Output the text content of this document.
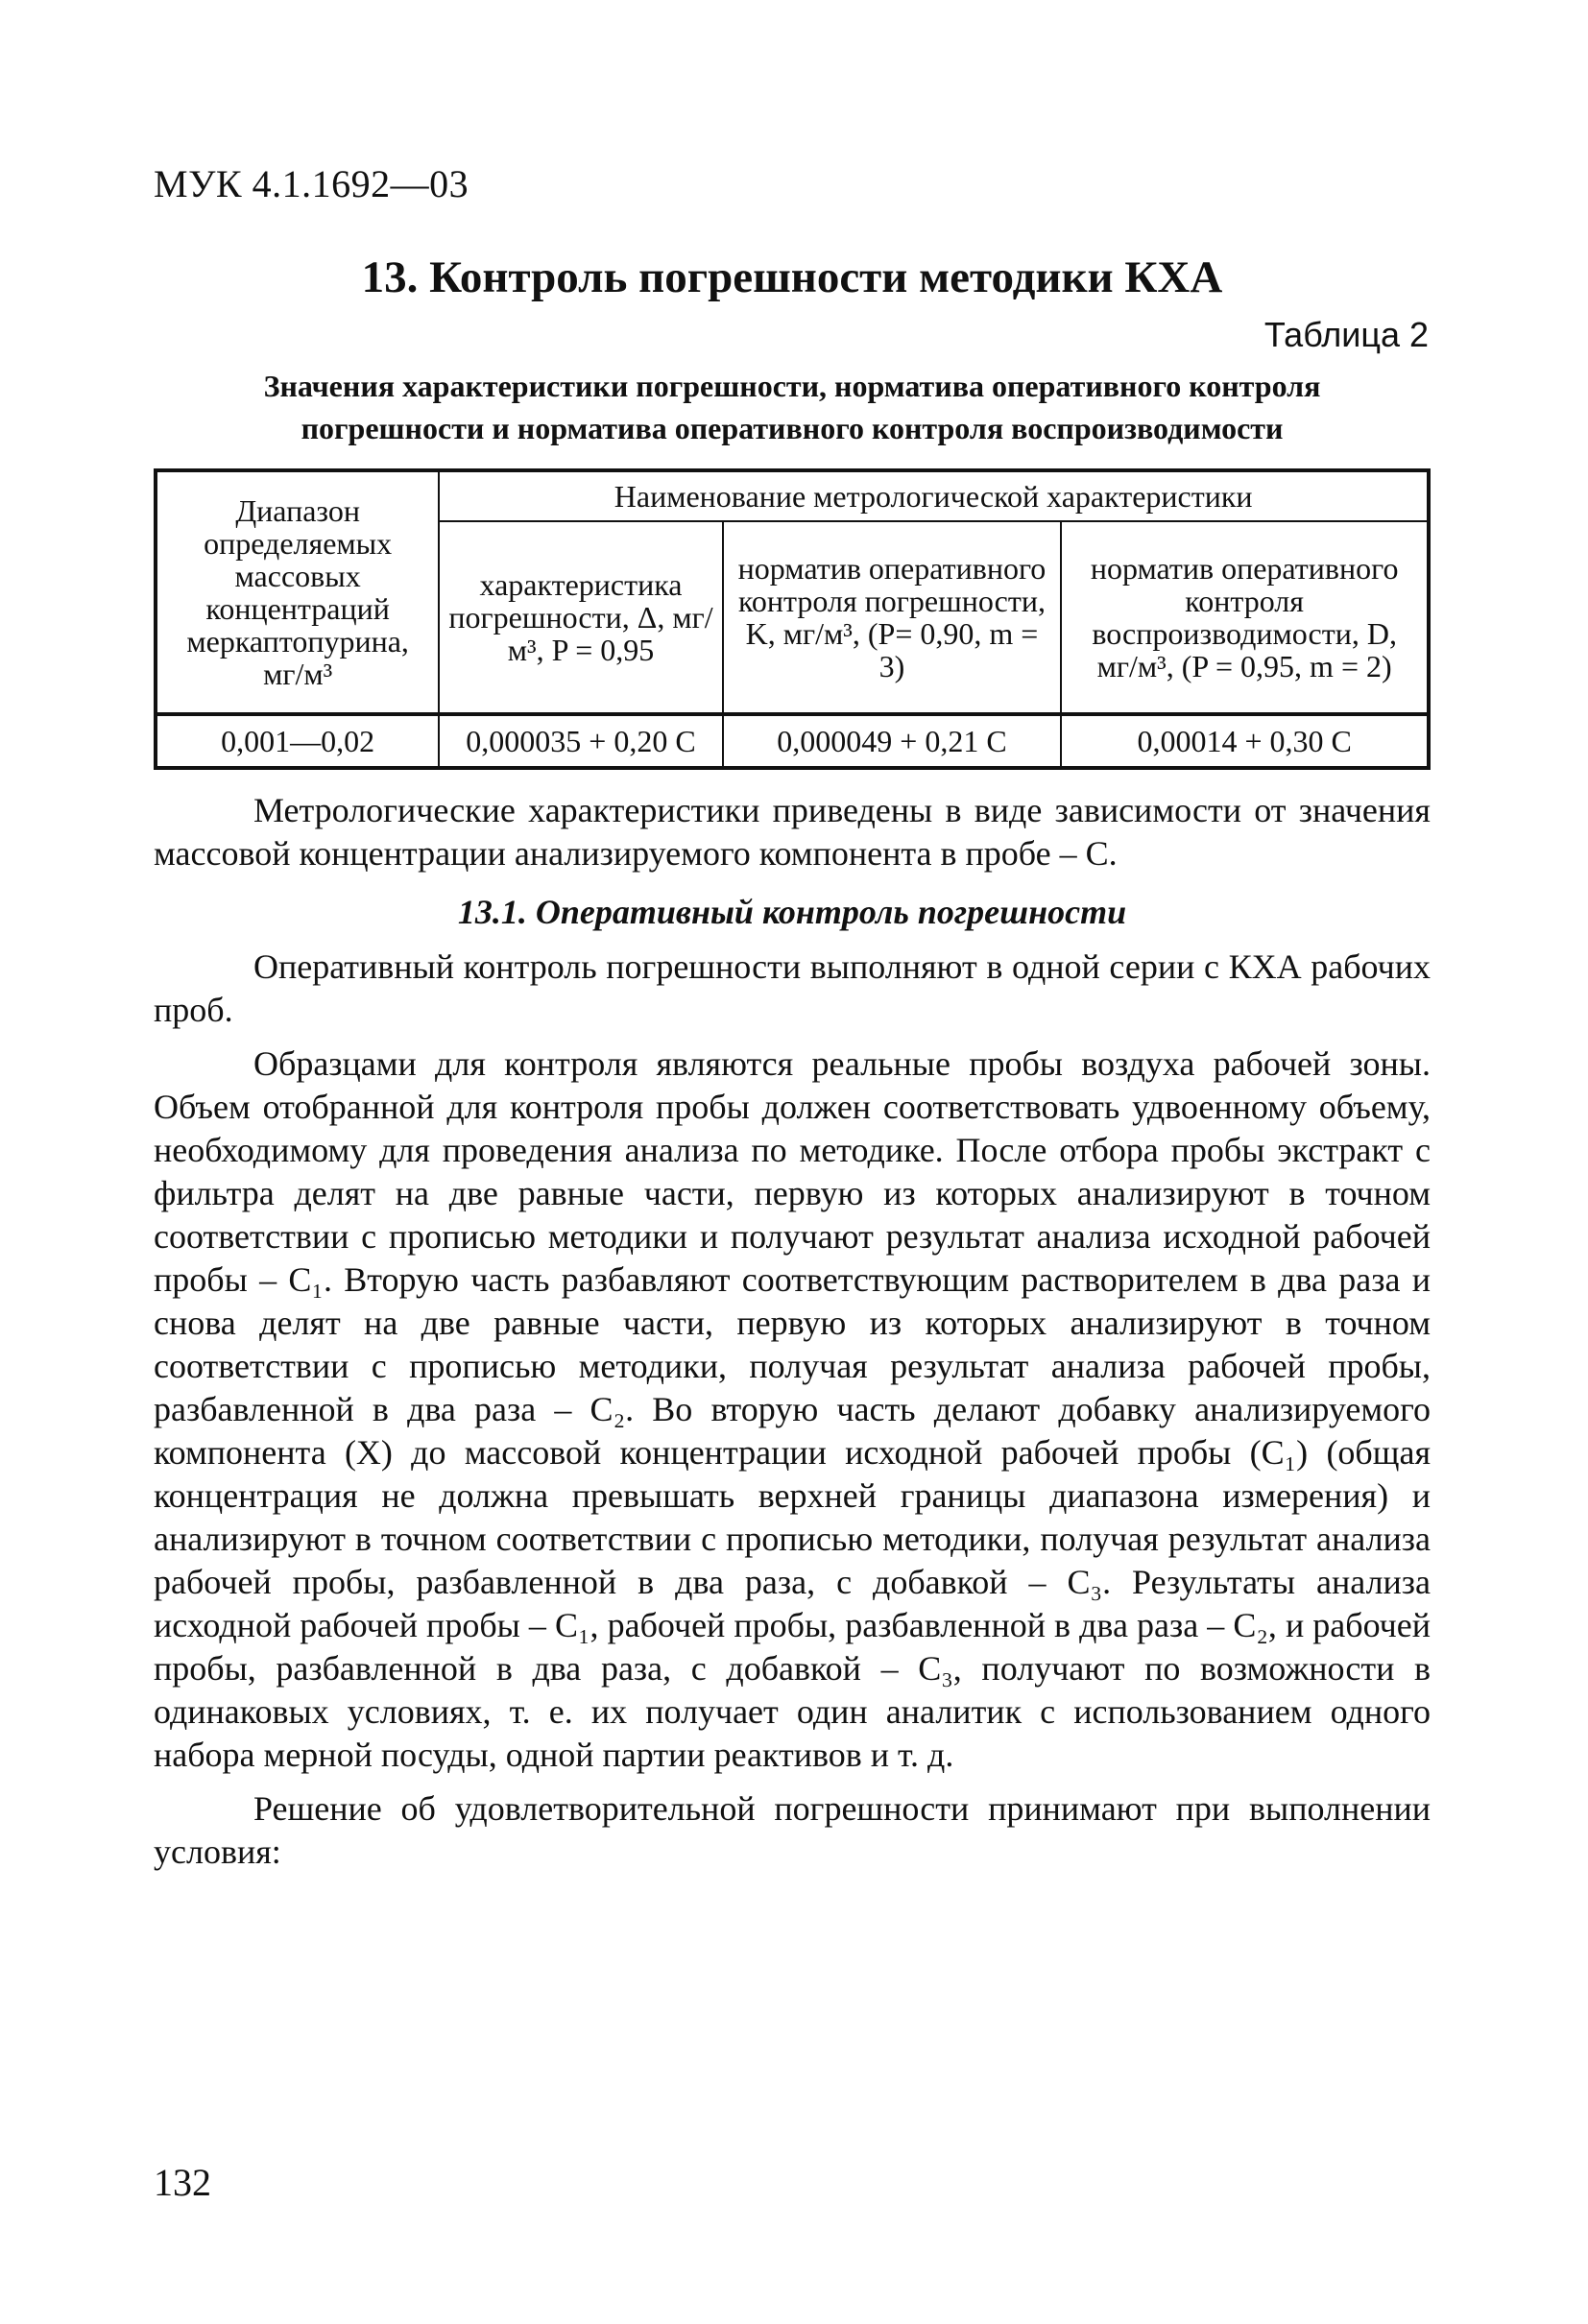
МУК 4.1.1692—03
13. Контроль погрешности методики КХА
Таблица 2
Значения характеристики погрешности, норматива оперативного контроля
погрешности и норматива оперативного контроля воспроизводимости
Диапазон определяемых массовых концентраций меркаптопурина, мг/м³	Наименование метрологической характеристики		
	характеристика погрешности, Δ, мг/м³, P = 0,95	норматив оперативного контроля погрешности, K, мг/м³, (P= 0,90, m = 3)	норматив оперативного контроля воспроизводимости, D, мг/м³, (P = 0,95, m = 2)
0,001—0,02	0,000035 + 0,20 C	0,000049 + 0,21 C	0,00014 + 0,30 C

Метрологические характеристики приведены в виде зависимости от значения массовой концентрации анализируемого компонента в пробе – C.

13.1. Оперативный контроль погрешности

Оперативный контроль погрешности выполняют в одной серии с КХА рабочих проб.

Образцами для контроля являются реальные пробы воздуха рабочей зоны. Объем отобранной для контроля пробы должен соответствовать удвоенному объему, необходимому для проведения анализа по методике. После отбора пробы экстракт с фильтра делят на две равные части, первую из которых анализируют в точном соответствии с прописью методики и получают результат анализа исходной рабочей пробы – C₁. Вторую часть разбавляют соответствующим растворителем в два раза и снова делят на две равные части, первую из которых анализируют в точном соответствии с прописью методики, получая результат анализа рабочей пробы, разбавленной в два раза – C₂. Во вторую часть делают добавку анализируемого компонента (X) до массовой концентрации исходной рабочей пробы (C₁) (общая концентрация не должна превышать верхней границы диапазона измерения) и анализируют в точном соответствии с прописью методики, получая результат анализа рабочей пробы, разбавленной в два раза, с добавкой – C₃. Результаты анализа исходной рабочей пробы – C₁, рабочей пробы, разбавленной в два раза – C₂, и рабочей пробы, разбавленной в два раза, с добавкой – C₃, получают по возможности в одинаковых условиях, т. е. их получает один аналитик с использованием одного набора мерной посуды, одной партии реактивов и т. д.

Решение об удовлетворительной погрешности принимают при выполнении условия:

132
